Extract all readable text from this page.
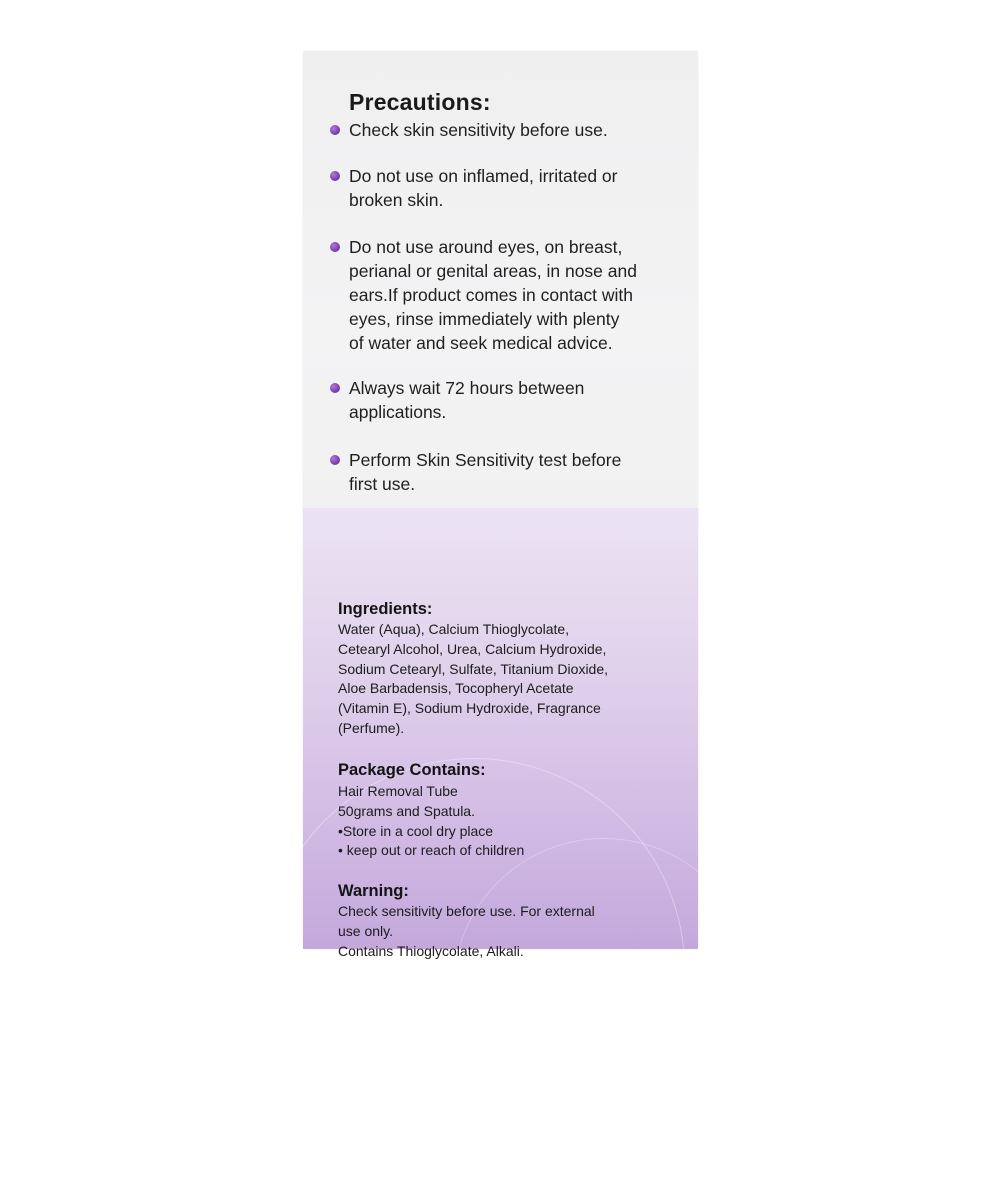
Precautions:
Check skin sensitivity before use.
Do not use on inflamed, irritated or
broken skin.
Do not use around eyes, on breast,
perianal or genital areas, in nose and
ears.If product comes in contact with
eyes, rinse immediately with plenty
of water and seek medical advice.
Always wait 72 hours between
applications.
Perform Skin Sensitivity test before
first use.
Ingredients:
Water (Aqua), Calcium Thioglycolate,
Cetearyl Alcohol, Urea, Calcium Hydroxide,
Sodium Cetearyl, Sulfate, Titanium Dioxide,
Aloe Barbadensis, Tocopheryl Acetate
(Vitamin E), Sodium Hydroxide, Fragrance
(Perfume).
Package Contains:
Hair Removal Tube
50grams and Spatula.
•Store in a cool dry place
• keep out or reach of children
Warning:
Check sensitivity before use. For external
use only.
Contains Thioglycolate, Alkali.
